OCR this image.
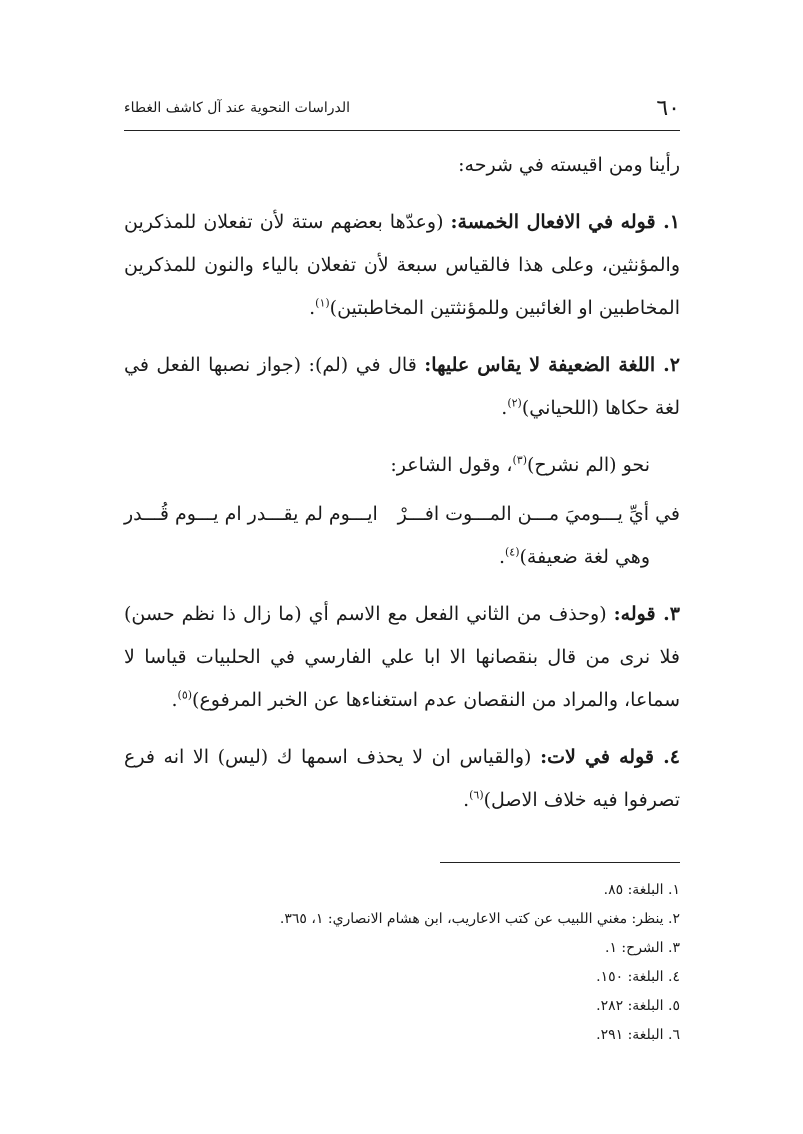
٦٠
الدراسات النحوية عند آل كاشف الغطاء

رأينا ومن اقيسته في شرحه:

١. قوله في الافعال الخمسة: (وعدّها بعضهم ستة لأن تفعلان للمذكرين والمؤنثين، وعلى هذا فالقياس سبعة لأن تفعلان بالياء والنون للمذكرين المخاطبين او الغائبين وللمؤنثتين المخاطبتين)$^{(١)}$.

٢. اللغة الضعيفة لا يقاس عليها: قال في (لم): (جواز نصبها الفعل في لغة حكاها (اللحياني)$^{(٢)}$.

نحو (الم نشرح)$^{(٣)}$، وقول الشاعر:

في أيِّ يـــوميَ مـــن المـــوت افـــرْ
ايـــوم لم يقـــدر ام يـــوم قُـــدر

وهي لغة ضعيفة)$^{(٤)}$.

٣. قوله: (وحذف من الثاني الفعل مع الاسم أي (ما زال ذا نظم حسن) فلا نرى من قال بنقصانها الا ابا علي الفارسي في الحلبيات قياسا لا سماعا، والمراد من النقصان عدم استغناءها عن الخبر المرفوع)$^{(٥)}$.

٤. قوله في لات: (والقياس ان لا يحذف اسمها ك (ليس) الا انه فرع تصرفوا فيه خلاف الاصل)$^{(٦)}$.

١. البلغة: ٨٥.

٢. ينظر: مغني اللبيب عن كتب الاعاريب، ابن هشام الانصاري: ١، ٣٦٥.

٣. الشرح: ١.

٤. البلغة: ١٥٠.

٥. البلغة: ٢٨٢.

٦. البلغة: ٢٩١.
